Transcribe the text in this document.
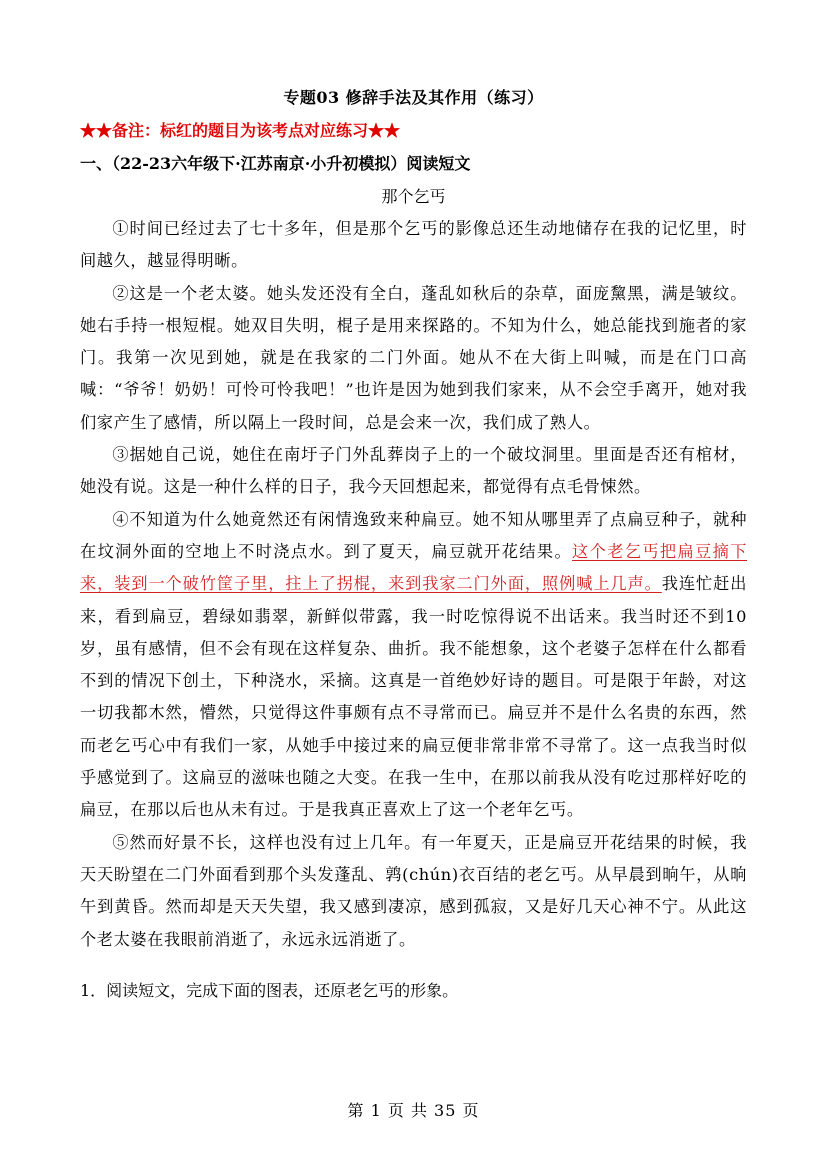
专题03 修辞手法及其作用（练习）
★★备注：标红的题目为该考点对应练习★★
一、（22-23六年级下·江苏南京·小升初模拟）阅读短文
那个乞丐

①时间已经过去了七十多年，但是那个乞丐的影像总还生动地储存在我的记忆里，时间越久，越显得明晰。

②这是一个老太婆。她头发还没有全白，蓬乱如秋后的杂草，面庞黧黑，满是皱纹。她右手持一根短棍。她双目失明，棍子是用来探路的。不知为什么，她总能找到施者的家门。我第一次见到她，就是在我家的二门外面。她从不在大街上叫喊，而是在门口高喊：“爷爷！奶奶！可怜可怜我吧！”也许是因为她到我们家来，从不会空手离开，她对我们家产生了感情，所以隔上一段时间，总是会来一次，我们成了熟人。

③据她自己说，她住在南圩子门外乱葬岗子上的一个破坟洞里。里面是否还有棺材，她没有说。这是一种什么样的日子，我今天回想起来，都觉得有点毛骨悚然。

④不知道为什么她竟然还有闲情逸致来种扁豆。她不知从哪里弄了点扁豆种子，就种在坟洞外面的空地上不时浇点水。到了夏天，扁豆就开花结果。这个老乞丐把扁豆摘下来，装到一个破竹筐子里，拄上了拐棍，来到我家二门外面，照例喊上几声。我连忙赶出来，看到扁豆，碧绿如翡翠，新鲜似带露，我一时吃惊得说不出话来。我当时还不到10岁，虽有感情，但不会有现在这样复杂、曲折。我不能想象，这个老婆子怎样在什么都看不到的情况下创土，下种浇水，采摘。这真是一首绝妙好诗的题目。可是限于年龄，对这一切我都木然，懵然，只觉得这件事颇有点不寻常而已。扁豆并不是什么名贵的东西，然而老乞丐心中有我们一家，从她手中接过来的扁豆便非常非常不寻常了。这一点我当时似乎感觉到了。这扁豆的滋味也随之大变。在我一生中，在那以前我从没有吃过那样好吃的扁豆，在那以后也从未有过。于是我真正喜欢上了这一个老年乞丐。

⑤然而好景不长，这样也没有过上几年。有一年夏天，正是扁豆开花结果的时候，我天天盼望在二门外面看到那个头发蓬乱、鹑(chún)衣百结的老乞丐。从早晨到晌午，从晌午到黄昏。然而却是天天失望，我又感到凄凉，感到孤寂，又是好几天心神不宁。从此这个老太婆在我眼前消逝了，永远永远消逝了。

1．阅读短文，完成下面的图表，还原老乞丐的形象。
第 1 页 共 35 页
